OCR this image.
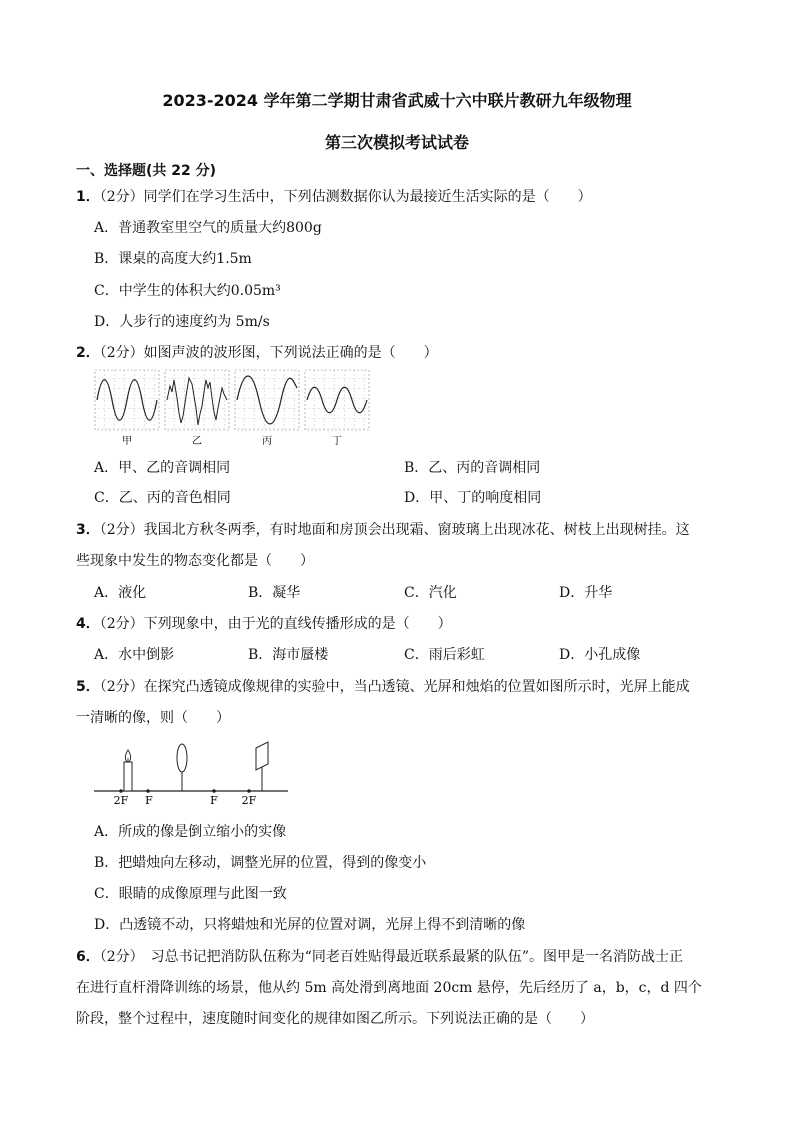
2023-2024 学年第二学期甘肃省武威十六中联片教研九年级物理
第三次模拟考试试卷
一、选择题(共 22 分)
1．（2分）同学们在学习生活中，下列估测数据你认为最接近生活实际的是（　　）
A．普通教室里空气的质量大约800g
B．课桌的高度大约1.5m
C．中学生的体积大约0.05m³
D．人步行的速度约为 5m/s
2．（2分）如图声波的波形图，下列说法正确的是（　　）
甲	乙	丙	丁
A．甲、乙的音调相同	B．乙、丙的音调相同
C．乙、丙的音色相同	D．甲、丁的响度相同
3．（2分）我国北方秋冬两季，有时地面和房顶会出现霜、窗玻璃上出现冰花、树枝上出现树挂。这
些现象中发生的物态变化都是（　　）
A．液化	B．凝华	C．汽化	D．升华
4．（2分）下列现象中，由于光的直线传播形成的是（　　）
A．水中倒影	B．海市蜃楼	C．雨后彩虹	D．小孔成像
5．（2分）在探究凸透镜成像规律的实验中，当凸透镜、光屏和烛焰的位置如图所示时，光屏上能成
一清晰的像，则（　　）
2F F	F 2F
A．所成的像是倒立缩小的实像
B．把蜡烛向左移动，调整光屏的位置，得到的像变小
C．眼睛的成像原理与此图一致
D．凸透镜不动，只将蜡烛和光屏的位置对调，光屏上得不到清晰的像
6．（2分）　习总书记把消防队伍称为“同老百姓贴得最近联系最紧的队伍”。图甲是一名消防战士正
在进行直杆滑降训练的场景，他从约 5m 高处滑到离地面 20cm 悬停，先后经历了 a，b，c，d 四个
阶段，整个过程中，速度随时间变化的规律如图乙所示。下列说法正确的是（　　）
